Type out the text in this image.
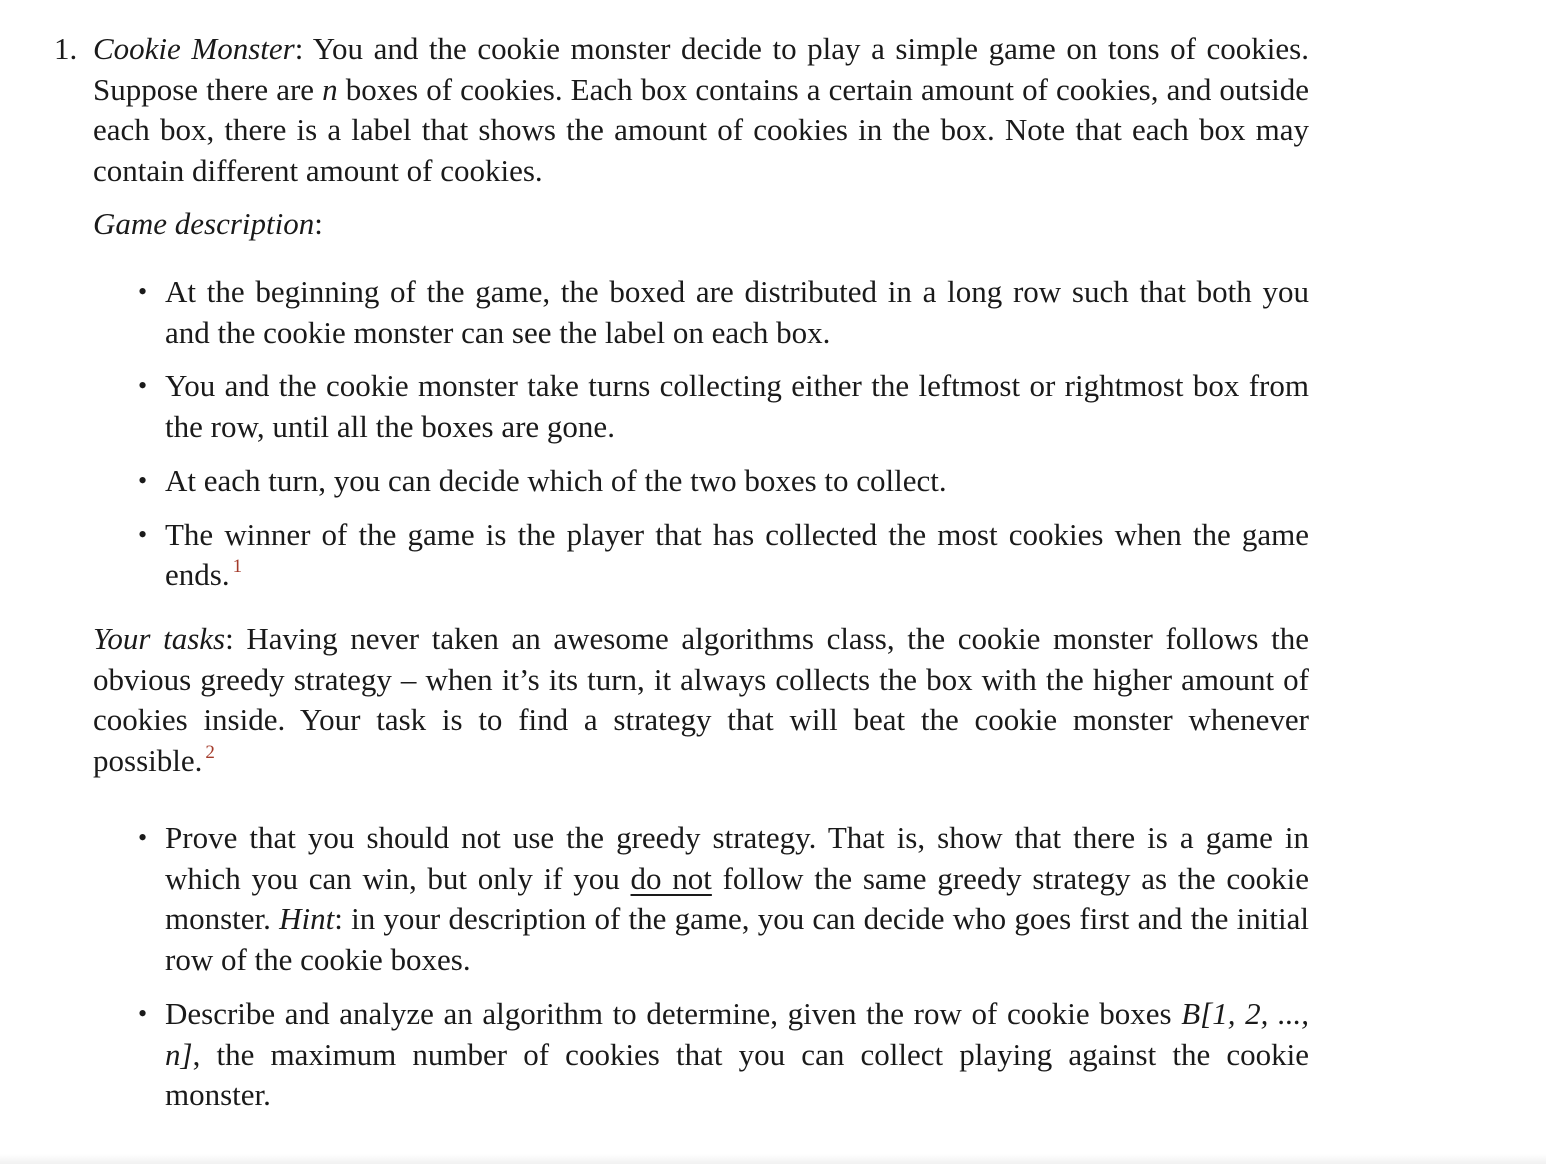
1. Cookie Monster: You and the cookie monster decide to play a simple game on tons of cookies. Suppose there are n boxes of cookies. Each box contains a certain amount of cookies, and outside each box, there is a label that shows the amount of cookies in the box. Note that each box may contain different amount of cookies.
Game description:
• At the beginning of the game, the boxed are distributed in a long row such that both you and the cookie monster can see the label on each box.
• You and the cookie monster take turns collecting either the leftmost or rightmost box from the row, until all the boxes are gone.
• At each turn, you can decide which of the two boxes to collect.
• The winner of the game is the player that has collected the most cookies when the game ends. $^1$
Your tasks: Having never taken an awesome algorithms class, the cookie monster follows the obvious greedy strategy – when it’s its turn, it always collects the box with the higher amount of cookies inside. Your task is to find a strategy that will beat the cookie monster whenever possible. $^2$
• Prove that you should not use the greedy strategy. That is, show that there is a game in which you can win, but only if you do not follow the same greedy strategy as the cookie monster. Hint: in your description of the game, you can decide who goes first and the initial row of the cookie boxes.
• Describe and analyze an algorithm to determine, given the row of cookie boxes B[1, 2, ..., n], the maximum number of cookies that you can collect playing against the cookie monster.
